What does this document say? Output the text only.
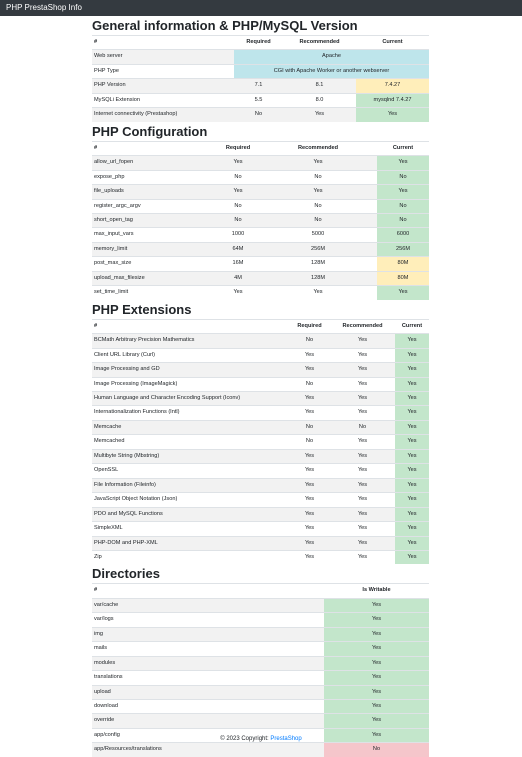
PHP PrestaShop Info
General information & PHP/MySQL Version
#	Required	Recommended	Current
Web server	Apache		
PHP Type	CGI with Apache Worker or another webserver		
PHP Version	7.1	8.1	7.4.27
MySQLi Extension	5.5	8.0	mysqlnd 7.4.27
Internet connectivity (Prestashop)	No	Yes	Yes
PHP Configuration
#	Required	Recommended	Current
allow_url_fopen	Yes	Yes	Yes
expose_php	No	No	No
file_uploads	Yes	Yes	Yes
register_argc_argv	No	No	No
short_open_tag	No	No	No
max_input_vars	1000	5000	6000
memory_limit	64M	256M	256M
post_max_size	16M	128M	80M
upload_max_filesize	4M	128M	80M
set_time_limit	Yes	Yes	Yes
PHP Extensions
#	Required	Recommended	Current
BCMath Arbitrary Precision Mathematics	No	Yes	Yes
Client URL Library (Curl)	Yes	Yes	Yes
Image Processing and GD	Yes	Yes	Yes
Image Processing (ImageMagick)	No	Yes	Yes
Human Language and Character Encoding Support (Iconv)	Yes	Yes	Yes
Internationalization Functions (Intl)	Yes	Yes	Yes
Memcache	No	No	Yes
Memcached	No	Yes	Yes
Multibyte String (Mbstring)	Yes	Yes	Yes
OpenSSL	Yes	Yes	Yes
File Information (Fileinfo)	Yes	Yes	Yes
JavaScript Object Notation (Json)	Yes	Yes	Yes
PDO and MySQL Functions	Yes	Yes	Yes
SimpleXML	Yes	Yes	Yes
PHP-DOM and PHP-XML	Yes	Yes	Yes
Zip	Yes	Yes	Yes
Directories
#	Is Writable
var/cache	Yes
var/logs	Yes
img	Yes
mails	Yes
modules	Yes
translations	Yes
upload	Yes
download	Yes
override	Yes
app/config	Yes
app/Resources/translations	No
© 2023 Copyright: PrestaShop
